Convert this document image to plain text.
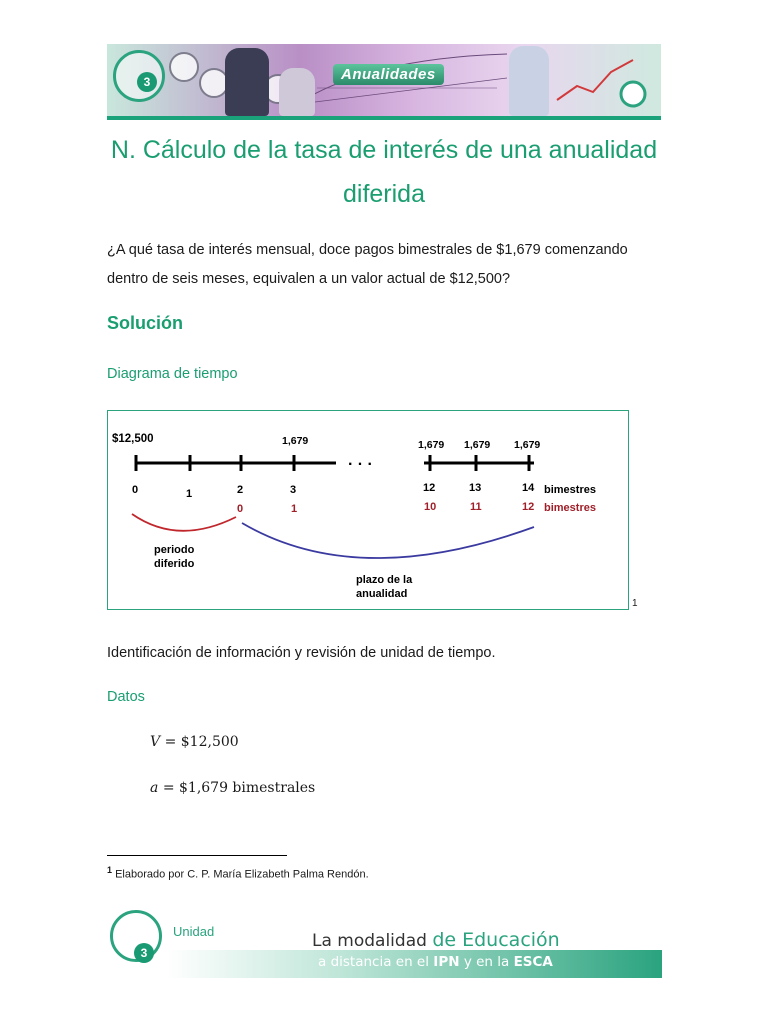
3	Anualidades
N. Cálculo de la tasa de interés de una anualidad diferida
¿A qué tasa de interés mensual, doce pagos bimestrales de $1,679 comenzando dentro de seis meses, equivalen a un valor actual de $12,500?
Solución
Diagrama de tiempo
· · ·
$12,500	1,679	1,679 1,679 1,679
0	1	2	3	12	13	14 bimestres
0	1	10	11	12 bimestres
periodo
diferido
plazo de la
anualidad
1
Identificación de información y revisión de unidad de tiempo.
Datos
V = $12,500
a = $1,679 bimestrales
$^1$ Elaborado por C. P. María Elizabeth Palma Rendón.
3
Unidad	La modalidad de Educación
a distancia en el IPN y en la ESCA
